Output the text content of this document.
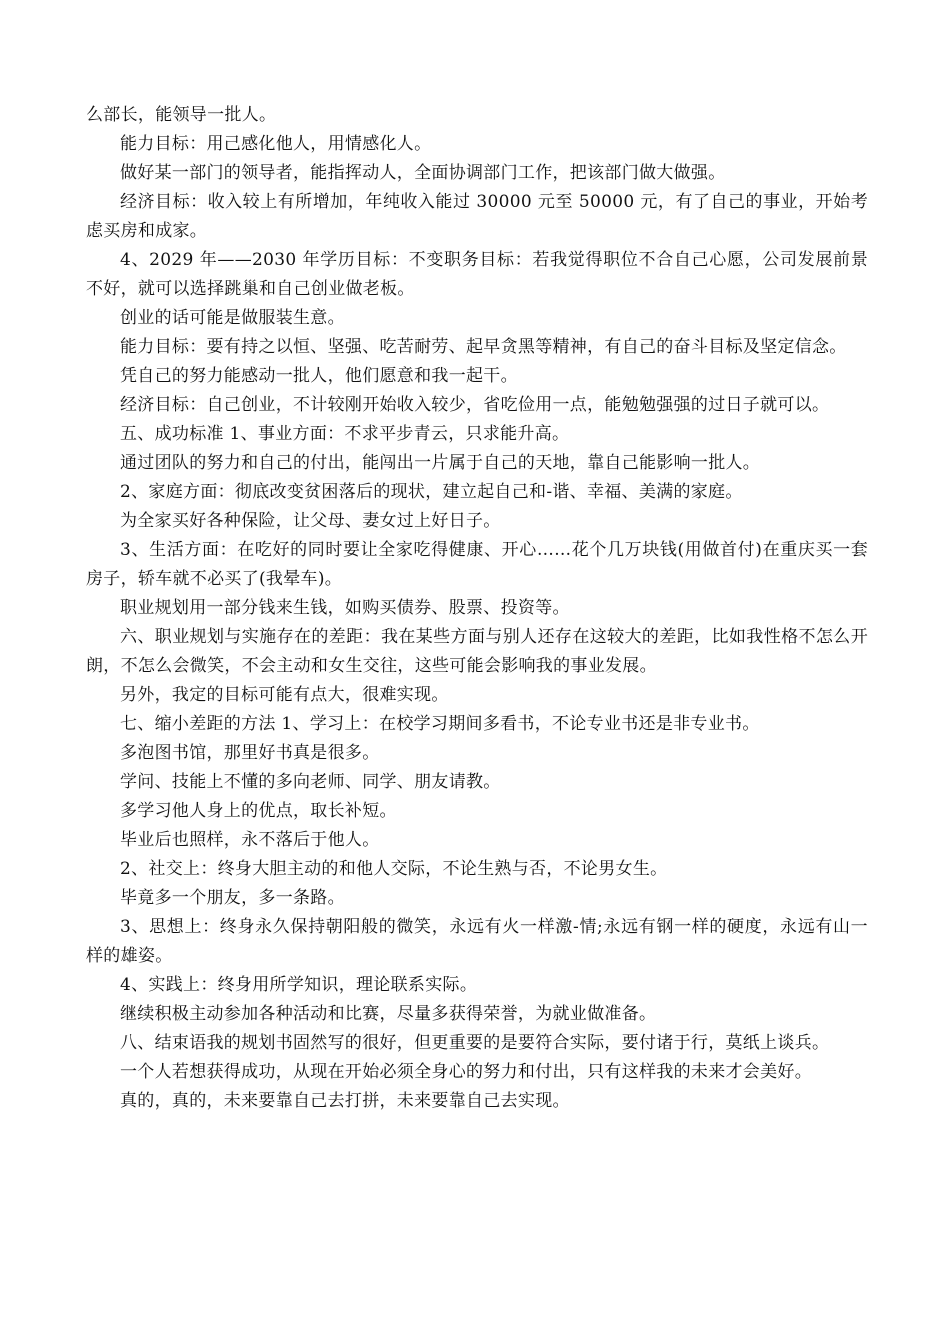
么部长，能领导一批人。

能力目标：用己感化他人，用情感化人。

做好某一部门的领导者，能指挥动人，全面协调部门工作，把该部门做大做强。

经济目标：收入较上有所增加，年纯收入能过 30000 元至 50000 元，有了自己的事业，开始考虑买房和成家。

4、2029 年——2030 年学历目标：不变职务目标：若我觉得职位不合自己心愿，公司发展前景不好，就可以选择跳巢和自己创业做老板。

创业的话可能是做服装生意。

能力目标：要有持之以恒、坚强、吃苦耐劳、起早贪黑等精神，有自己的奋斗目标及坚定信念。

凭自己的努力能感动一批人，他们愿意和我一起干。

经济目标：自己创业，不计较刚开始收入较少，省吃俭用一点，能勉勉强强的过日子就可以。

五、成功标准 1、事业方面：不求平步青云，只求能升高。

通过团队的努力和自己的付出，能闯出一片属于自己的天地，靠自己能影响一批人。

2、家庭方面：彻底改变贫困落后的现状，建立起自己和-谐、幸福、美满的家庭。

为全家买好各种保险，让父母、妻女过上好日子。

3、生活方面：在吃好的同时要让全家吃得健康、开心……花个几万块钱(用做首付)在重庆买一套房子，轿车就不必买了(我晕车)。

职业规划用一部分钱来生钱，如购买债券、股票、投资等。

六、职业规划与实施存在的差距：我在某些方面与别人还存在这较大的差距，比如我性格不怎么开朗，不怎么会微笑，不会主动和女生交往，这些可能会影响我的事业发展。

另外，我定的目标可能有点大，很难实现。

七、缩小差距的方法 1、学习上：在校学习期间多看书，不论专业书还是非专业书。

多泡图书馆，那里好书真是很多。

学问、技能上不懂的多向老师、同学、朋友请教。

多学习他人身上的优点，取长补短。

毕业后也照样，永不落后于他人。

2、社交上：终身大胆主动的和他人交际，不论生熟与否，不论男女生。

毕竟多一个朋友，多一条路。

3、思想上：终身永久保持朝阳般的微笑，永远有火一样激-情;永远有钢一样的硬度，永远有山一样的雄姿。

4、实践上：终身用所学知识，理论联系实际。

继续积极主动参加各种活动和比赛，尽量多获得荣誉，为就业做准备。

八、结束语我的规划书固然写的很好，但更重要的是要符合实际，要付诸于行，莫纸上谈兵。

一个人若想获得成功，从现在开始必须全身心的努力和付出，只有这样我的未来才会美好。

真的，真的，未来要靠自己去打拼，未来要靠自己去实现。
